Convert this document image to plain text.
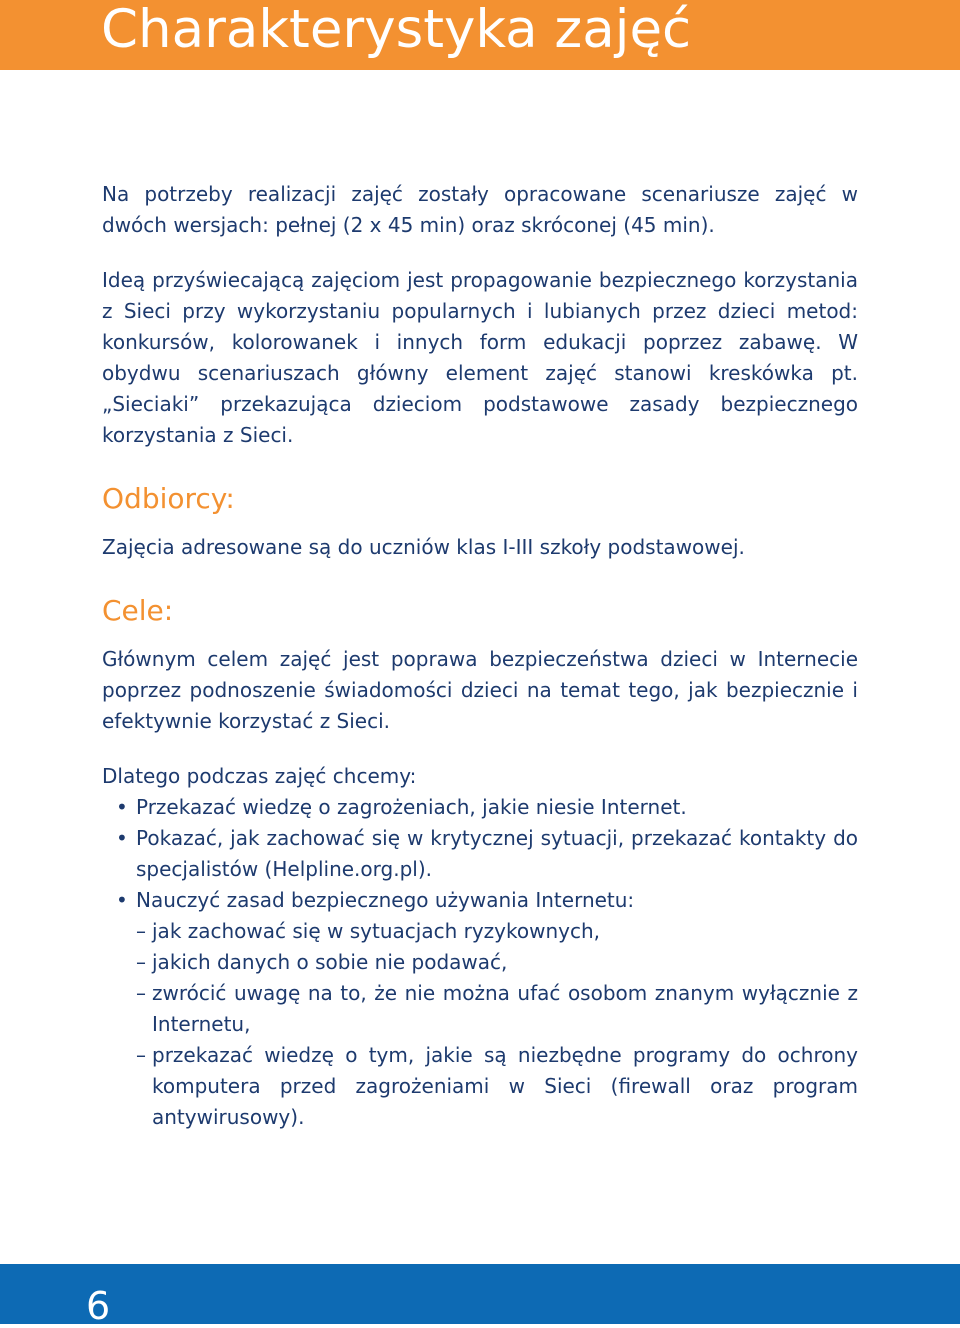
Charakterystyka zajęć

Na potrzeby realizacji zajęć zostały opracowane scenariusze zajęć w dwóch wersjach: pełnej (2 x 45 min) oraz skróconej (45 min).

Ideą przyświecającą zajęciom jest propagowanie bezpiecznego korzystania z Sieci przy wykorzystaniu popularnych i lubianych przez dzieci metod: konkursów, kolorowanek i innych form edukacji poprzez zabawę. W obydwu scenariuszach główny element zajęć stanowi kreskówka pt. „Sieciaki” przekazująca dzieciom podstawowe zasady bezpiecznego korzystania z Sieci.

Odbiorcy:

Zajęcia adresowane są do uczniów klas I-III szkoły podstawowej.

Cele:

Głównym celem zajęć jest poprawa bezpieczeństwa dzieci w Internecie poprzez podnoszenie świadomości dzieci na temat tego, jak bezpiecznie i efektywnie korzystać z Sieci.

Dlatego podczas zajęć chcemy:

• Przekazać wiedzę o zagrożeniach, jakie niesie Internet.
• Pokazać, jak zachować się w krytycznej sytuacji, przekazać kontakty do specjalistów (Helpline.org.pl).
• Nauczyć zasad bezpiecznego używania Internetu:
– jak zachować się w sytuacjach ryzykownych,
– jakich danych o sobie nie podawać,
– zwrócić uwagę na to, że nie można ufać osobom znanym wyłącznie z Internetu,
– przekazać wiedzę o tym, jakie są niezbędne programy do ochrony komputera przed zagrożeniami w Sieci (firewall oraz program antywirusowy).
6
